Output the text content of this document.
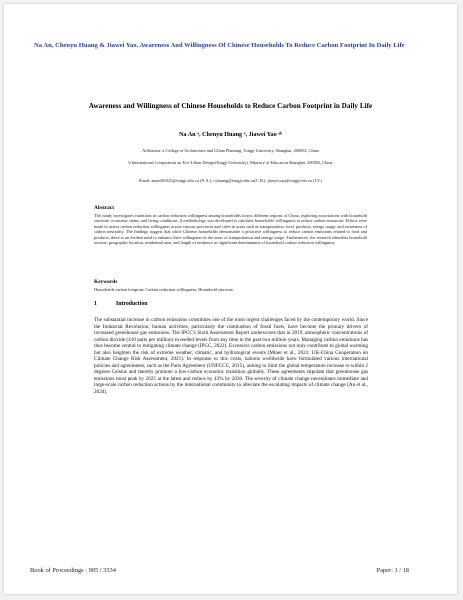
Na An, Chenyu Huang & Jiawei Yao, Awareness And Willingness Of Chinese Households To Reduce Carbon Footprint In Daily Life
Awareness and Willingness of Chinese Households to Reduce Carbon Footprint in Daily Life
Na An ᵃ, Chenyu Huang ᵃ, Jiawei Yao ᵃᵇ
Affiliation: a College of Architecture and Urban Planning, Tongji University, Shanghai, 200092, China
b International Cooperation on Eco-Urban Design(Tongji University), Ministry of Education Shanghai, 200092, China
Email: anna201025@tongji.edu.cn (N.A.); cyhuang@tongji.edu.cn(C.H.); jiawei.yao@tongji.edu.cn (J.Y.)
Abstract
This study investigates variations in carbon reduction willingness among households across different regions of China, exploring associations with household structure, economic status, and living conditions. A methodology was developed to calculate households' willingness to reduce carbon emissions. Efforts were made to assess carbon reduction willingness across various provinces and cities in areas such as transportation, food, products, energy usage, and awareness of carbon neutrality. The findings suggest that while Chinese households demonstrate a proactive willingness to reduce carbon emissions related to food and products, there is an evident need to enhance their willingness in the areas of transportation and energy usage. Furthermore, the research identifies household income, geographic location, residential area, and length of residence as significant determinants of household carbon reduction willingness.
Keywords
Households carbon footprint; Carbon reduction willingness; Household structure
1	Introduction
The substantial increase in carbon emissions constitutes one of the most urgent challenges faced by the contemporary world. Since the Industrial Revolution, human activities, particularly the combustion of fossil fuels, have become the primary drivers of increased greenhouse gas emissions. The IPCC's Sixth Assessment Report underscores that in 2019, atmospheric concentrations of carbon dioxide (410 parts per million) exceeded levels from any time in the past two million years. Managing carbon emissions has thus become central to mitigating climate change (IPCC, 2022). Excessive carbon emissions not only contribute to global warming but also heighten the risk of extreme weather, climatic, and hydrological events (Miner et al., 2021; UK-China Cooperation on Climate Change Risk Assessment, 2021). In response to this crisis, nations worldwide have formulated various international policies and agreements, such as the Paris Agreement (UNFCCC, 2015), aiming to limit the global temperature increase to within 2 degrees Celsius and thereby promote a low-carbon economic transition globally. These agreements stipulate that greenhouse gas emissions must peak by 2025 at the latest and reduce by 43% by 2030. The severity of climate change necessitates immediate and large-scale carbon reduction actions by the international community to alleviate the escalating impacts of climate change (An et al., 2024).
Book of Proceedings : 905 / 3534	Paper: 1 / 18
